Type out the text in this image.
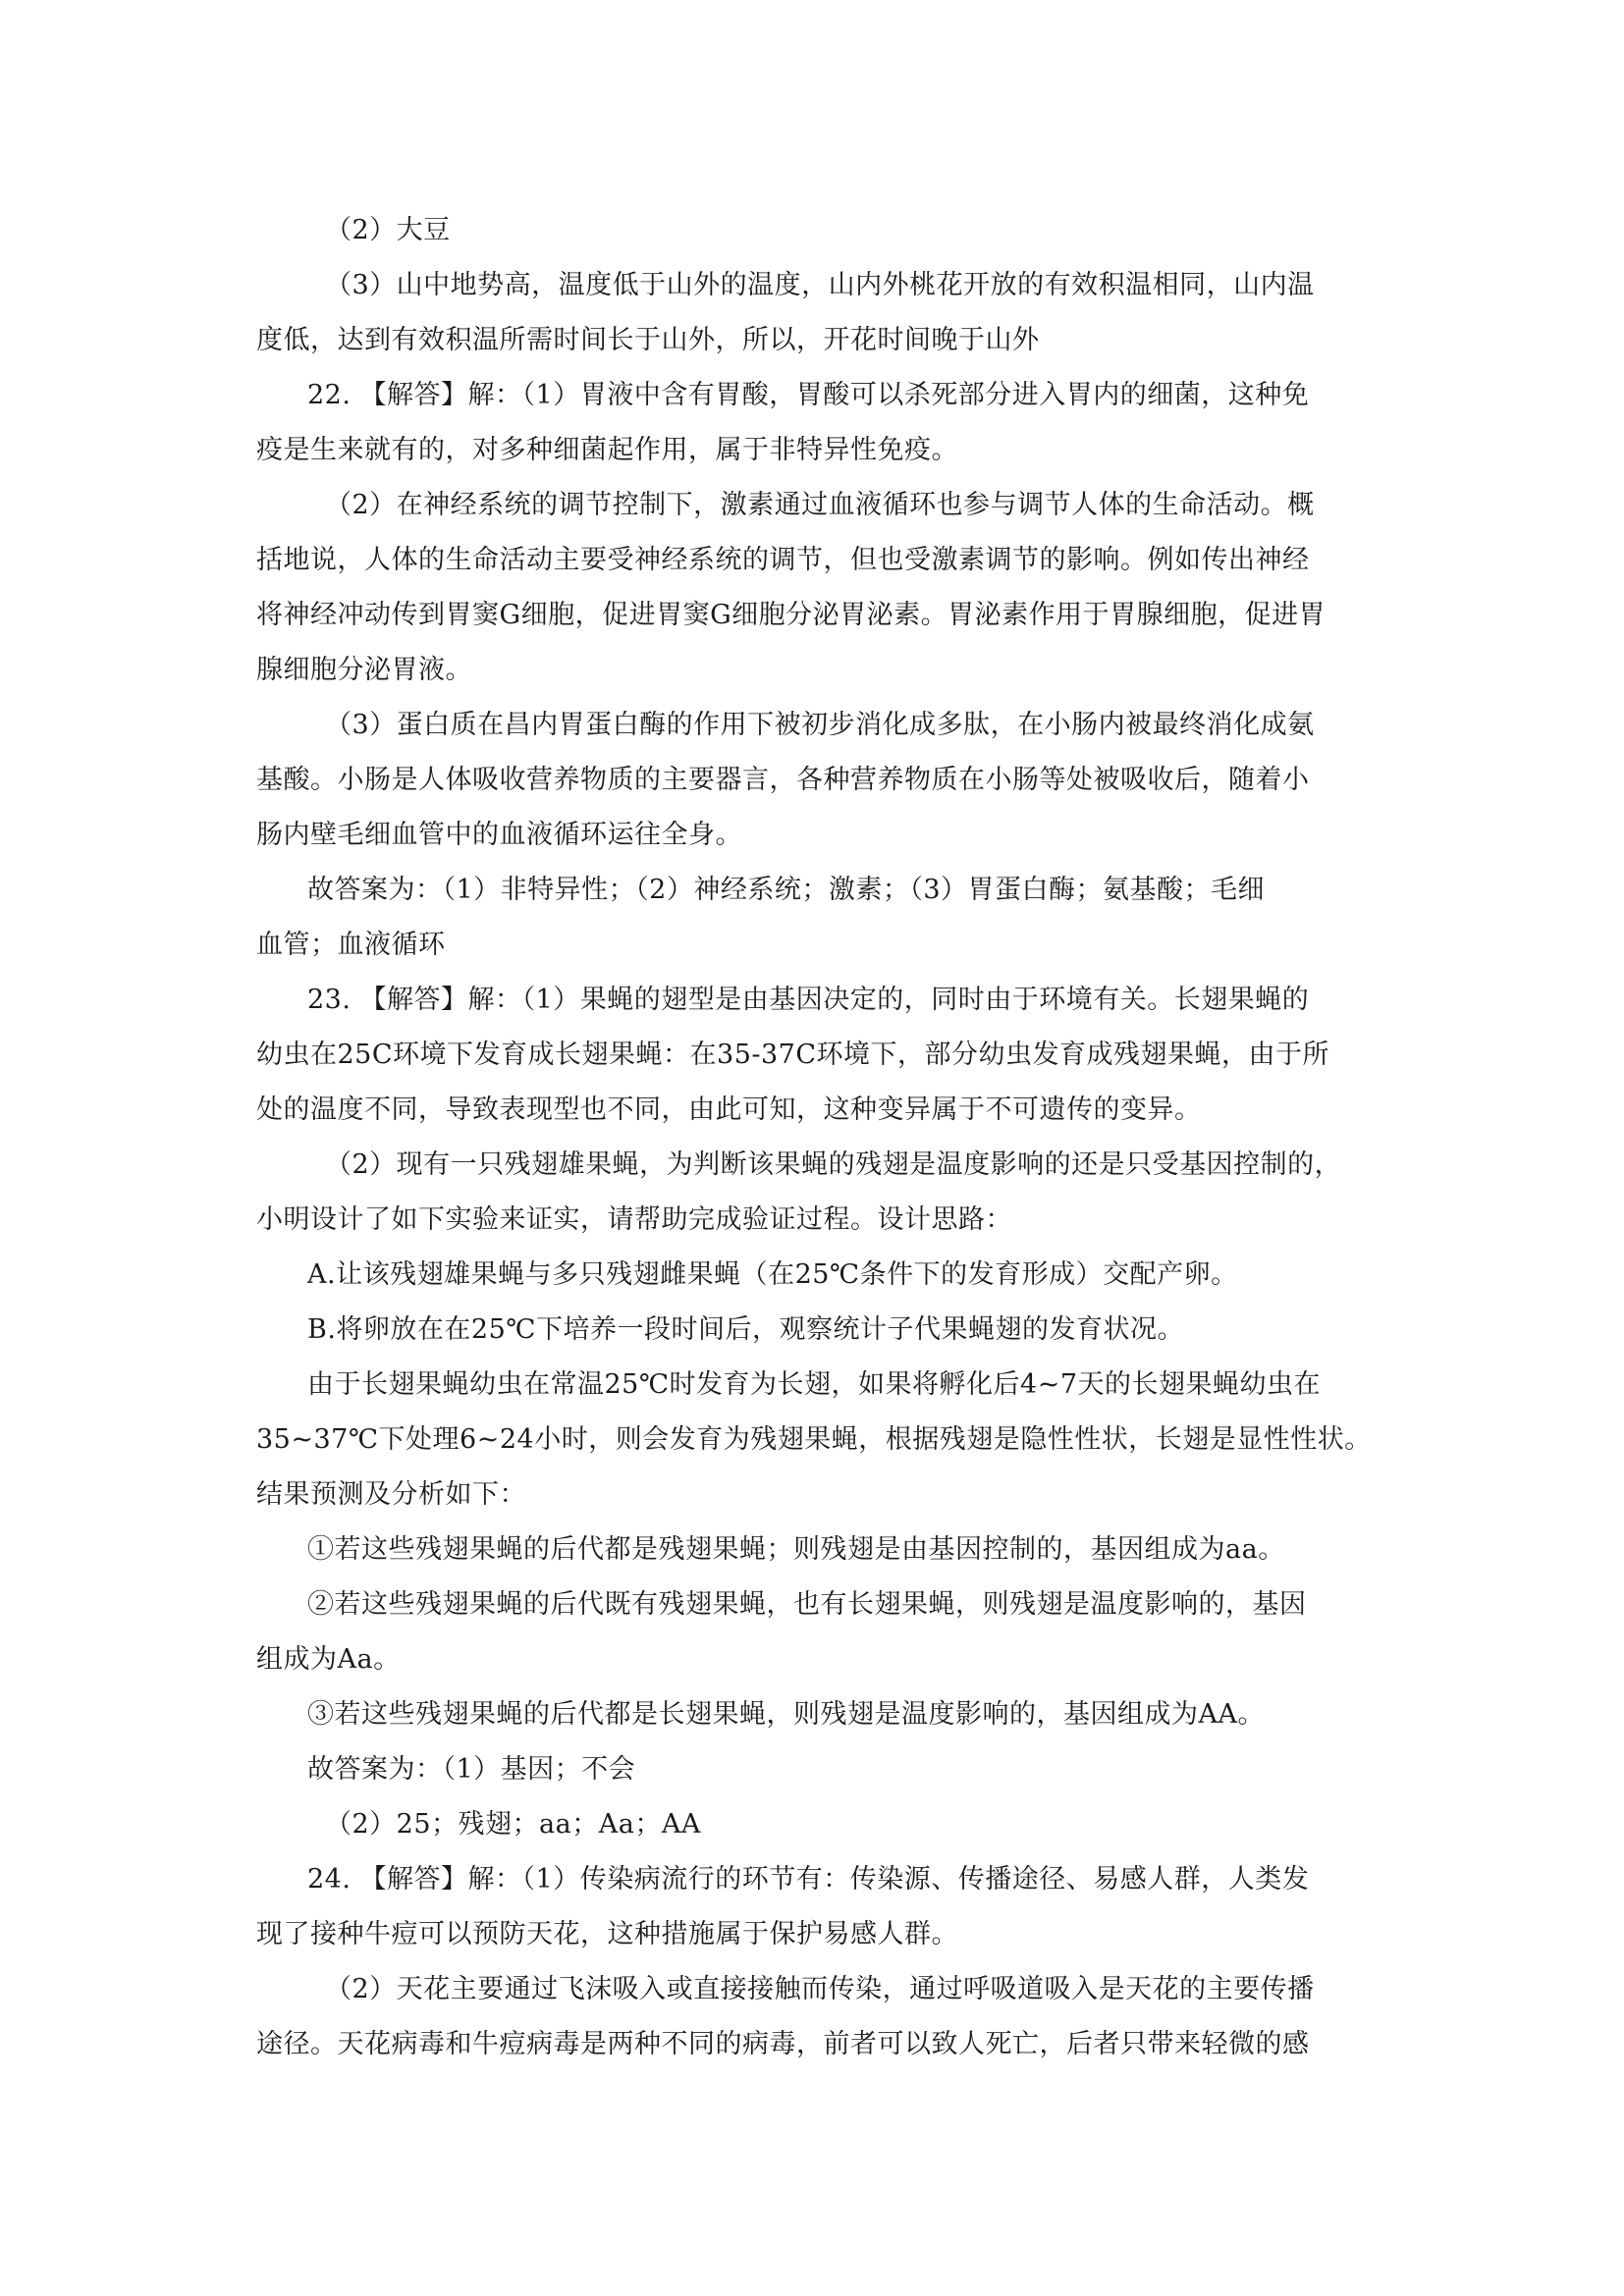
（2）大豆
（3）山中地势高，温度低于山外的温度，山内外桃花开放的有效积温相同，山内温
度低，达到有效积温所需时间长于山外，所以，开花时间晚于山外
22. 【解答】解：（1）胃液中含有胃酸，胃酸可以杀死部分进入胃内的细菌，这种免
疫是生来就有的，对多种细菌起作用，属于非特异性免疫。
（2）在神经系统的调节控制下，激素通过血液循环也参与调节人体的生命活动。概
括地说，人体的生命活动主要受神经系统的调节，但也受激素调节的影响。例如传出神经
将神经冲动传到胃窦G细胞，促进胃窦G细胞分泌胃泌素。胃泌素作用于胃腺细胞，促进胃
腺细胞分泌胃液。
（3）蛋白质在昌内胃蛋白酶的作用下被初步消化成多肽，在小肠内被最终消化成氨
基酸。小肠是人体吸收营养物质的主要器言，各种营养物质在小肠等处被吸收后，随着小
肠内壁毛细血管中的血液循环运往全身。
故答案为：（1）非特异性；（2）神经系统；激素；（3）胃蛋白酶；氨基酸；毛细
血管；血液循环
23. 【解答】解：（1）果蝇的翅型是由基因决定的，同时由于环境有关。长翅果蝇的
幼虫在25C环境下发育成长翅果蝇：在35-37C环境下，部分幼虫发育成残翅果蝇，由于所
处的温度不同，导致表现型也不同，由此可知，这种变异属于不可遗传的变异。
（2）现有一只残翅雄果蝇，为判断该果蝇的残翅是温度影响的还是只受基因控制的，
小明设计了如下实验来证实，请帮助完成验证过程。设计思路：
A.让该残翅雄果蝇与多只残翅雌果蝇（在25℃条件下的发育形成）交配产卵。
B.将卵放在在25℃下培养一段时间后，观察统计子代果蝇翅的发育状况。
由于长翅果蝇幼虫在常温25℃时发育为长翅，如果将孵化后4~7天的长翅果蝇幼虫在
35~37℃下处理6~24小时，则会发育为残翅果蝇，根据残翅是隐性性状，长翅是显性性状。
结果预测及分析如下：
①若这些残翅果蝇的后代都是残翅果蝇；则残翅是由基因控制的，基因组成为aa。
②若这些残翅果蝇的后代既有残翅果蝇，也有长翅果蝇，则残翅是温度影响的，基因
组成为Aa。
③若这些残翅果蝇的后代都是长翅果蝇，则残翅是温度影响的，基因组成为AA。
故答案为：（1）基因；不会
（2）25；残翅；aa；Aa；AA
24. 【解答】解：（1）传染病流行的环节有：传染源、传播途径、易感人群，人类发
现了接种牛痘可以预防天花，这种措施属于保护易感人群。
（2）天花主要通过飞沫吸入或直接接触而传染，通过呼吸道吸入是天花的主要传播
途径。天花病毒和牛痘病毒是两种不同的病毒，前者可以致人死亡，后者只带来轻微的感
